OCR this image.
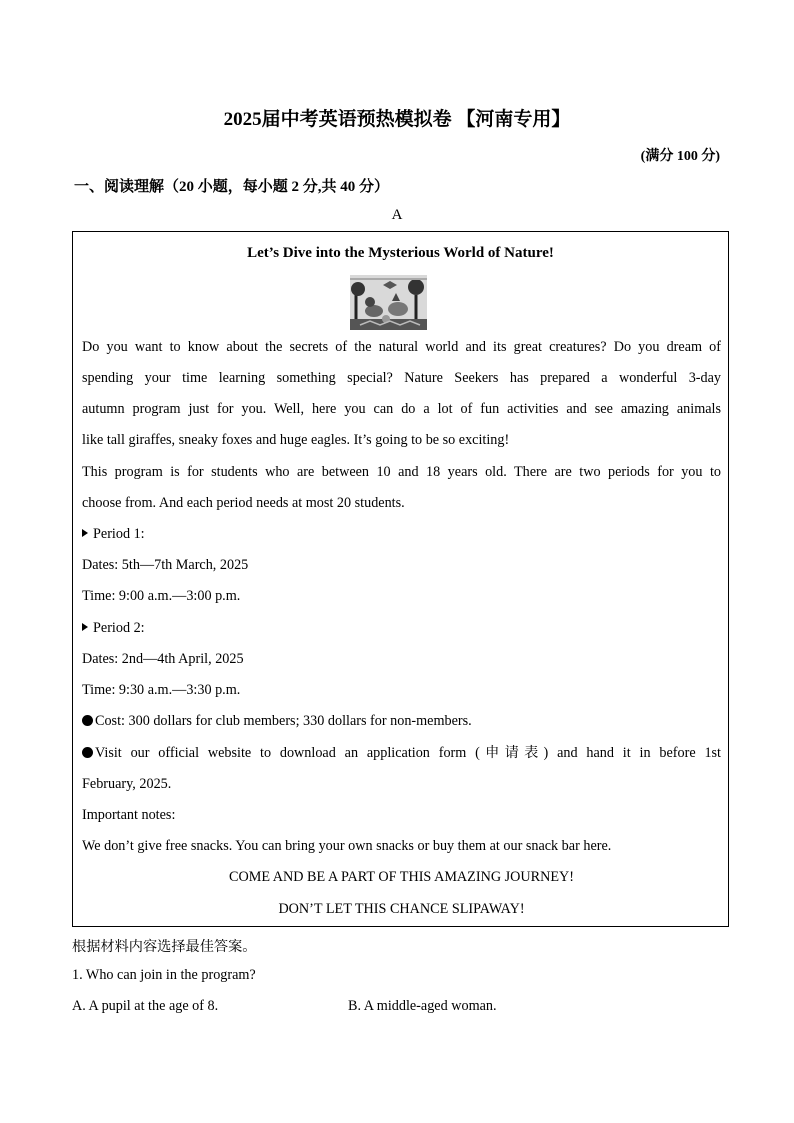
2025届中考英语预热模拟卷 【河南专用】
(满分 100 分)
一、阅读理解（20 小题，每小题 2 分,共 40 分）
A
Let’s Dive into the Mysterious World of Nature!
Do you want to know about the secrets of the natural world and its great creatures? Do you dream of
spending your time learning something special? Nature Seekers has prepared a wonderful 3-day
autumn program just for you. Well, here you can do a lot of fun activities and see amazing animals
like tall giraffes, sneaky foxes and huge eagles. It’s going to be so exciting!
This program is for students who are between 10 and 18 years old. There are two periods for you to
choose from. And each period needs at most 20 students.
Period 1:
Dates: 5th—7th March, 2025
Time: 9:00 a.m.—3:00 p.m.
Period 2:
Dates: 2nd—4th April, 2025
Time: 9:30 a.m.—3:30 p.m.
Cost: 300 dollars for club members; 330 dollars for non-members.
Visit our official website to download an application form (申请表) and hand it in before 1st
February, 2025.
Important notes:
We don’t give free snacks. You can bring your own snacks or buy them at our snack bar here.
COME AND BE A PART OF THIS AMAZING JOURNEY!
DON’T LET THIS CHANCE SLIPAWAY!
根据材料内容选择最佳答案。
1. Who can join in the program?
A. A pupil at the age of 8.	B. A middle-aged woman.
